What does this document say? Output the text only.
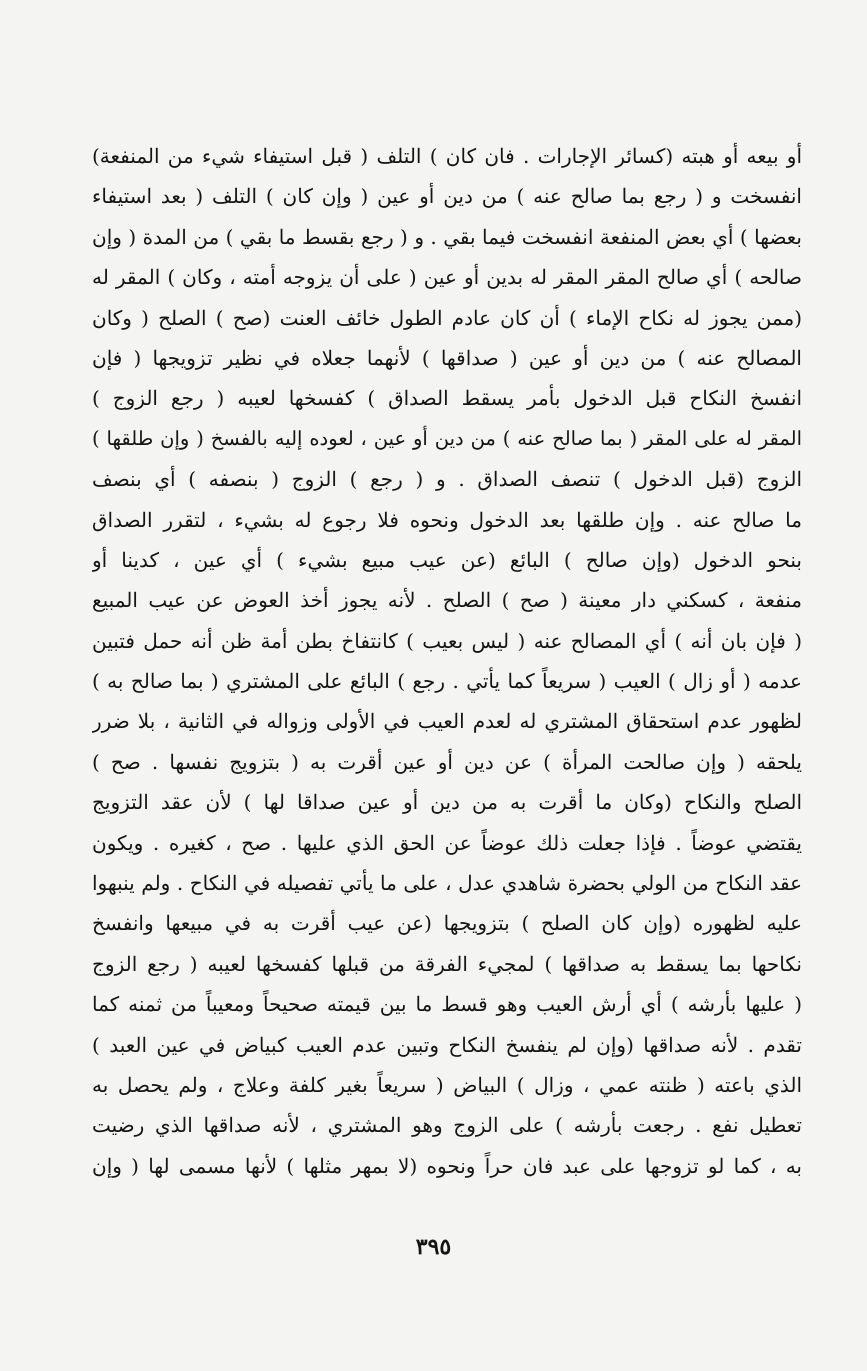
أو بيعه أو هبته (كسائر الإجارات . فان كان ) التلف ( قبل استيفاء شيء من المنفعة)
انفسخت و ( رجع بما صالح عنه ) من دين أو عين ( وإن كان ) التلف ( بعد استيفاء
بعضها ) أي بعض المنفعة انفسخت فيما بقي . و ( رجع بقسط ما بقي ) من المدة ( وإن
صالحه ) أي صالح المقر المقر له بدين أو عين ( على أن يزوجه أمته ، وكان ) المقر له
(ممن يجوز له نكاح الإماء ) أن كان عادم الطول خائف العنت (صح ) الصلح ( وكان
المصالح عنه ) من دين أو عين ( صداقها ) لأنهما جعلاه في نظير تزويجها ( فإن
انفسخ النكاح قبل الدخول بأمر يسقط الصداق ) كفسخها لعيبه ( رجع الزوج )
المقر له على المقر ( بما صالح عنه ) من دين أو عين ، لعوده إليه بالفسخ ( وإن طلقها )
الزوج (قبل الدخول ) تنصف الصداق . و ( رجع ) الزوج ( بنصفه ) أي بنصف
ما صالح عنه . وإن طلقها بعد الدخول ونحوه فلا رجوع له بشيء ، لتقرر الصداق
بنحو الدخول (وإن صالح ) البائع (عن عيب مبيع بشيء ) أي عين ، كدينا أو
منفعة ، كسكني دار معينة ( صح ) الصلح . لأنه يجوز أخذ العوض عن عيب المبيع
( فإن بان أنه ) أي المصالح عنه ( ليس بعيب ) كانتفاخ بطن أمة ظن أنه حمل فتبين
عدمه ( أو زال ) العيب ( سريعاً كما يأتي . رجع ) البائع على المشتري ( بما صالح به )
لظهور عدم استحقاق المشتري له لعدم العيب في الأولى وزواله في الثانية ، بلا ضرر
يلحقه ( وإن صالحت المرأة ) عن دين أو عين أقرت به ( بتزويج نفسها . صح )
الصلح والنكاح (وكان ما أقرت به من دين أو عين صداقا لها ) لأن عقد التزويج
يقتضي عوضاً . فإذا جعلت ذلك عوضاً عن الحق الذي عليها . صح ، كغيره . ويكون
عقد النكاح من الولي بحضرة شاهدي عدل ، على ما يأتي تفصيله في النكاح . ولم ينبهوا
عليه لظهوره (وإن كان الصلح ) بتزويجها (عن عيب أقرت به في مبيعها وانفسخ
نكاحها بما يسقط به صداقها ) لمجيء الفرقة من قبلها كفسخها لعيبه ( رجع الزوج
( عليها بأرشه ) أي أرش العيب وهو قسط ما بين قيمته صحيحاً ومعيباً من ثمنه كما
تقدم . لأنه صداقها (وإن لم ينفسخ النكاح وتبين عدم العيب كبياض في عين العبد )
الذي باعته ( ظنته عمي ، وزال ) البياض ( سريعاً بغير كلفة وعلاج ، ولم يحصل به
تعطيل نفع . رجعت بأرشه ) على الزوج وهو المشتري ، لأنه صداقها الذي رضيت
به ، كما لو تزوجها على عبد فان حراً ونحوه (لا بمهر مثلها ) لأنها مسمى لها ( وإن
٣٩٥
